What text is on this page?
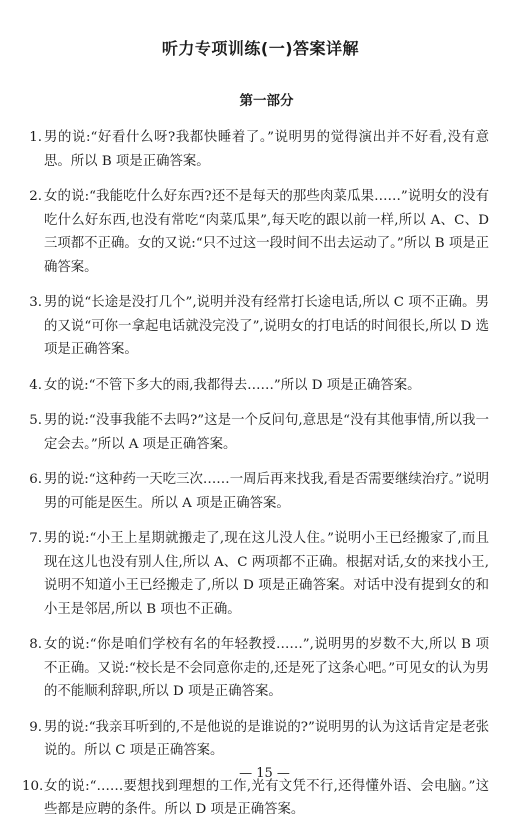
听力专项训练(一)答案详解
第一部分
1. 男的说:“好看什么呀?我都快睡着了。”说明男的觉得演出并不好看,没有意思。所以 B 项是正确答案。
2. 女的说:“我能吃什么好东西?还不是每天的那些肉菜瓜果……”说明女的没有吃什么好东西,也没有常吃“肉菜瓜果”,每天吃的跟以前一样,所以 A、C、D 三项都不正确。女的又说:“只不过这一段时间不出去运动了。”所以 B 项是正确答案。
3. 男的说“长途是没打几个”,说明并没有经常打长途电话,所以 C 项不正确。男的又说“可你一拿起电话就没完没了”,说明女的打电话的时间很长,所以 D 选项是正确答案。
4. 女的说:“不管下多大的雨,我都得去……”所以 D 项是正确答案。
5. 男的说:“没事我能不去吗?”这是一个反问句,意思是“没有其他事情,所以我一定会去。”所以 A 项是正确答案。
6. 男的说:“这种药一天吃三次……一周后再来找我,看是否需要继续治疗。”说明男的可能是医生。所以 A 项是正确答案。
7. 男的说:“小王上星期就搬走了,现在这儿没人住。”说明小王已经搬家了,而且现在这儿也没有别人住,所以 A、C 两项都不正确。根据对话,女的来找小王,说明不知道小王已经搬走了,所以 D 项是正确答案。对话中没有提到女的和小王是邻居,所以 B 项也不正确。
8. 女的说:“你是咱们学校有名的年轻教授……”,说明男的岁数不大,所以 B 项不正确。又说:“校长是不会同意你走的,还是死了这条心吧。”可见女的认为男的不能顺利辞职,所以 D 项是正确答案。
9. 男的说:“我亲耳听到的,不是他说的是谁说的?”说明男的认为这话肯定是老张说的。所以 C 项是正确答案。
10. 女的说:“……要想找到理想的工作,光有文凭不行,还得懂外语、会电脑。”这些都是应聘的条件。所以 D 项是正确答案。
— 15 —
